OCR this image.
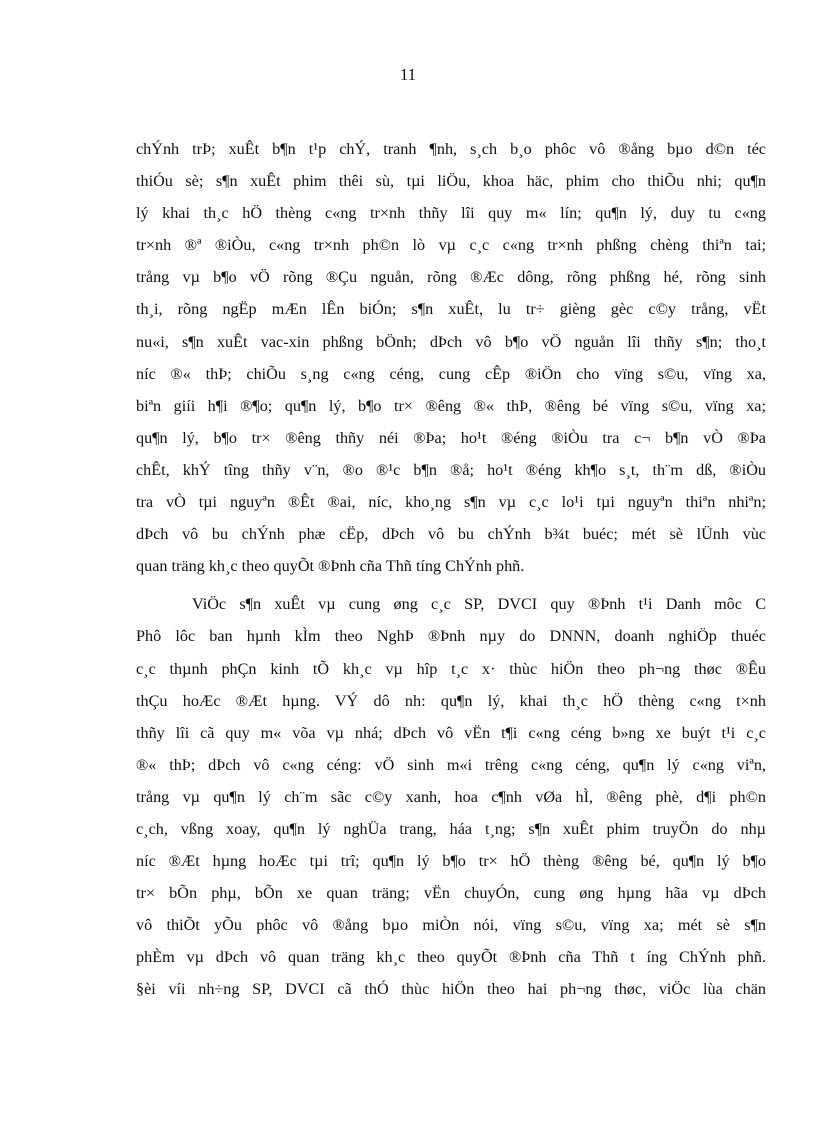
11
chÝnh trÞ; xuÊt b¶n t¹p chÝ, tranh ¶nh, s¸ch b¸o phôc vô ®ång bµo d©n téc
thiÓu sè; s¶n xuÊt phim thêi sù, tµi liÖu, khoa häc, phim cho thiÕu nhi; qu¶n
lý khai th¸c hÖ thèng c«ng tr×nh thñy lîi quy m« lín; qu¶n lý, duy tu c«ng
tr×nh ®ª ®iÒu, c«ng tr×nh ph©n lò vµ c¸c c«ng tr×nh phßng chèng thiªn tai;
trång vµ b¶o vÖ rõng ®Çu nguån, rõng ®Æc dông, rõng phßng hé, rõng sinh
th¸i, rõng ngËp mÆn lÊn biÓn; s¶n xuÊt, lu tr÷ gièng gèc c©y trång, vËt
nu«i, s¶n xuÊt vac-xin phßng bÖnh; dÞch vô b¶o vÖ nguån lîi thñy s¶n; tho¸t
níc ®« thÞ; chiÕu s¸ng c«ng céng, cung cÊp ®iÖn cho vïng s©u, vïng xa,
biªn giíi h¶i ®¶o; qu¶n lý, b¶o tr× ®êng ®« thÞ, ®êng bé vïng s©u, vïng xa;
qu¶n lý, b¶o tr× ®êng thñy néi ®Þa; ho¹t ®éng ®iÒu tra c¬ b¶n vÒ ®Þa
chÊt, khÝ tîng thñy v¨n, ®o ®¹c b¶n ®å; ho¹t ®éng kh¶o s¸t, th¨m dß, ®iÒu
tra vÒ tµi nguyªn ®Êt ®ai, níc, kho¸ng s¶n vµ c¸c lo¹i tµi nguyªn thiªn nhiªn;
dÞch vô bu chÝnh phæ cËp, dÞch vô bu chÝnh b¾t buéc; mét sè lÜnh vùc
quan träng kh¸c theo quyÕt ®Þnh cña Thñ tíng ChÝnh phñ.
ViÖc s¶n xuÊt vµ cung øng c¸c SP, DVCI quy ®Þnh t¹i Danh môc C
Phô lôc ban hµnh kÌm theo NghÞ ®Þnh nµy do DNNN, doanh nghiÖp thuéc
c¸c thµnh phÇn kinh tÕ kh¸c vµ hîp t¸c x· thùc hiÖn theo ph¬ng thøc ®Êu
thÇu hoÆc ®Æt hµng. VÝ dô nh: qu¶n lý, khai th¸c hÖ thèng c«ng t×nh
thñy lîi cã quy m« võa vµ nhá; dÞch vô vËn t¶i c«ng céng b»ng xe buýt t¹i c¸c
®« thÞ; dÞch vô c«ng céng: vÖ sinh m«i trêng c«ng céng, qu¶n lý c«ng viªn,
trång vµ qu¶n lý ch¨m sãc c©y xanh, hoa c¶nh vØa hÌ, ®êng phè, d¶i ph©n
c¸ch, vßng xoay, qu¶n lý nghÜa trang, háa t¸ng; s¶n xuÊt phim truyÖn do nhµ
níc ®Æt hµng hoÆc tµi trî; qu¶n lý b¶o tr× hÖ thèng ®êng bé, qu¶n lý b¶o
tr× bÕn phµ, bÕn xe quan träng; vËn chuyÓn, cung øng hµng hãa vµ dÞch
vô thiÕt yÕu phôc vô ®ång bµo miÒn nói, vïng s©u, vïng xa; mét sè s¶n
phÈm vµ dÞch vô quan träng kh¸c theo quyÕt ®Þnh cña Thñ t íng ChÝnh phñ.
§èi víi nh÷ng SP, DVCI cã thÓ thùc hiÖn theo hai ph¬ng thøc, viÖc lùa chän
